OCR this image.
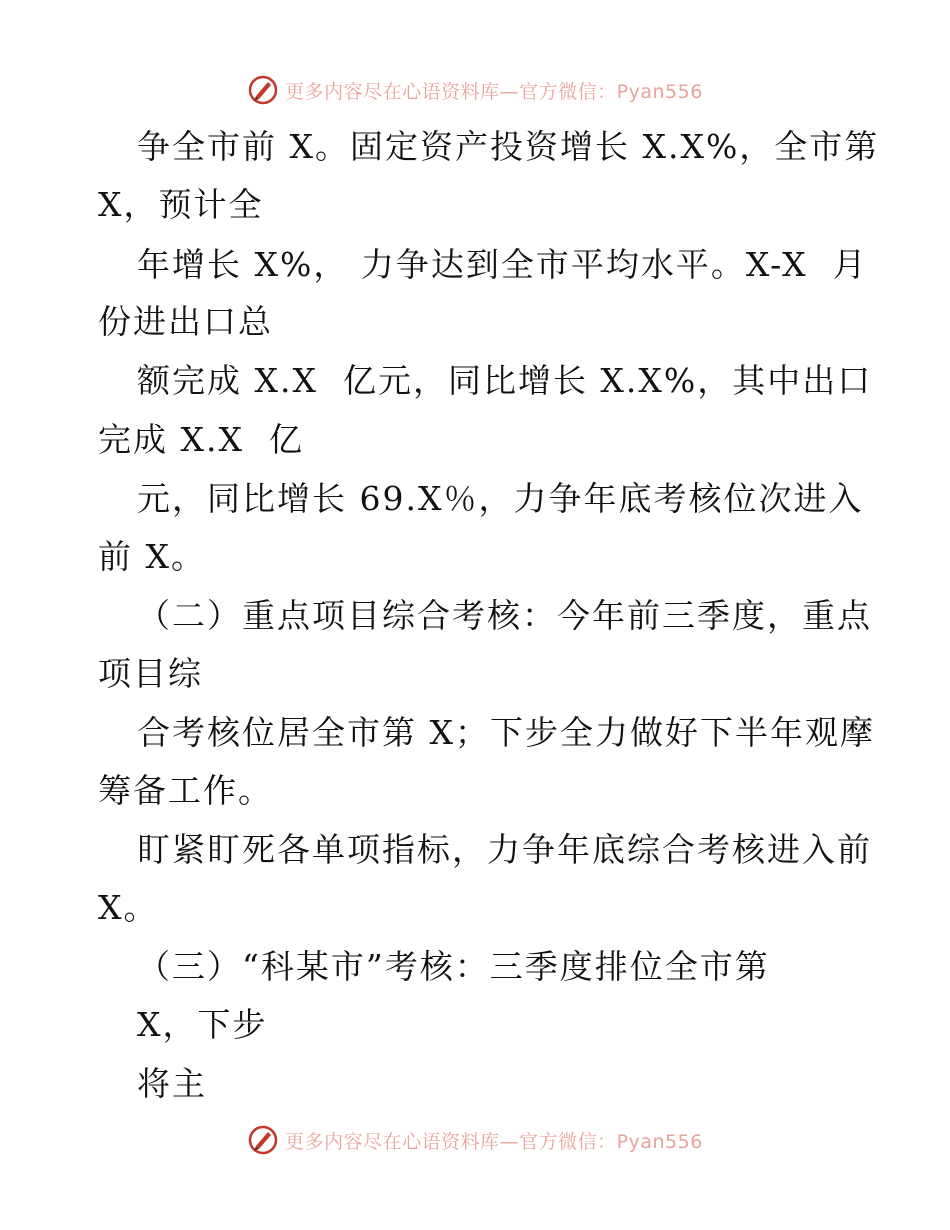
更多内容尽在心语资料库—官方微信：Pyan556
争全市前 X。固定资产投资增长 X.X%，全市第
X，预计全
年增长 X%， 力争达到全市平均水平。X-X  月
份进出口总
额完成 X.X  亿元，同比增长 X.X%，其中出口
完成 X.X  亿
元，同比增长 69.X％，力争年底考核位次进入
前 X。
（二）重点项目综合考核：今年前三季度，重点
项目综
合考核位居全市第 X；下步全力做好下半年观摩
筹备工作。
盯紧盯死各单项指标，力争年底综合考核进入前
X。
（三）“科某市”考核：三季度排位全市第
X，下步
将主
更多内容尽在心语资料库—官方微信：Pyan556
